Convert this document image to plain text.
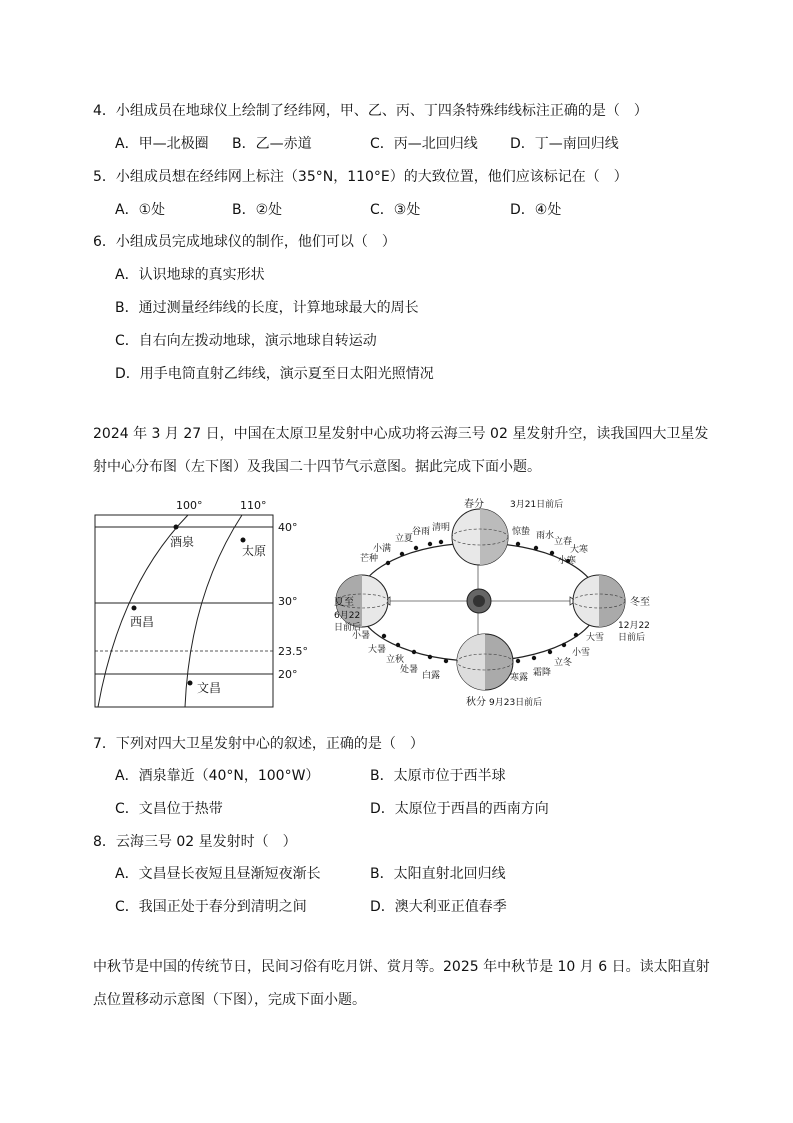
4．小组成员在地球仪上绘制了经纬网，甲、乙、丙、丁四条特殊纬线标注正确的是（　）
A．甲—北极圈 B．乙—赤道	C．丙—北回归线 D．丁—南回归线
5．小组成员想在经纬网上标注（35°N，110°E）的大致位置，他们应该标记在（　）
A．①处	B．②处	C．③处	D．④处
6．小组成员完成地球仪的制作，他们可以（　）
A．认识地球的真实形状
B．通过测量经纬线的长度，计算地球最大的周长
C．自右向左拨动地球，演示地球自转运动
D．用手电筒直射乙纬线，演示夏至日太阳光照情况
2024 年 3 月 27 日，中国在太原卫星发射中心成功将云海三号 02 星发射升空，读我国四大卫星发
射中心分布图（左下图）及我国二十四节气示意图。据此完成下面小题。
100°	110°
40°
30°
23.5°
20°
酒泉
太原
西昌
文昌
春分	3月21日前后
夏至
6月22
日前后
秋分 9月23日前后
冬至
12月22
日前后
芒种
小满
立夏
谷雨 清明	惊蛰 雨水
立春
大寒
小寒
大雪
小雪
立冬
霜降
寒露
白露
处暑
立秋
大暑
小暑
7．下列对四大卫星发射中心的叙述，正确的是（　）
A．酒泉靠近（40°N，100°W）	B．太原市位于西半球
C．文昌位于热带	D．太原位于西昌的西南方向
8．云海三号 02 星发射时（　）
A．文昌昼长夜短且昼渐短夜渐长	B．太阳直射北回归线
C．我国正处于春分到清明之间	D．澳大利亚正值春季
中秋节是中国的传统节日，民间习俗有吃月饼、赏月等。2025 年中秋节是 10 月 6 日。读太阳直射
点位置移动示意图（下图），完成下面小题。
